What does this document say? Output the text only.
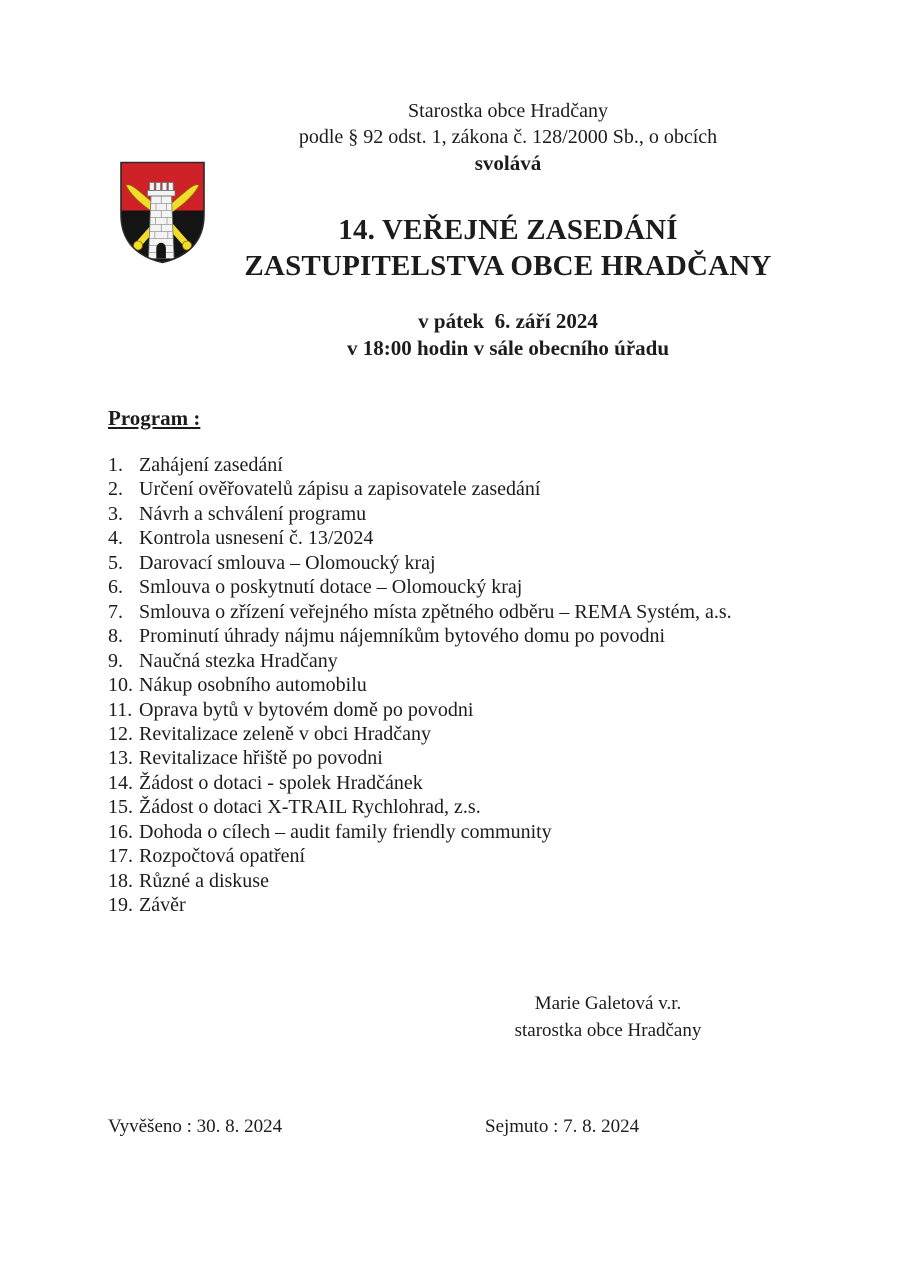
Starostka obce Hradčany
podle § 92 odst. 1, zákona č. 128/2000 Sb., o obcích
svolává
14. VEŘEJNÉ ZASEDÁNÍ
ZASTUPITELSTVA OBCE HRADČANY
v pátek  6. září 2024
v 18:00 hodin v sále obecního úřadu
Program :
1. Zahájení zasedání
2. Určení ověřovatelů zápisu a zapisovatele zasedání
3. Návrh a schválení programu
4. Kontrola usnesení č. 13/2024
5. Darovací smlouva – Olomoucký kraj
6. Smlouva o poskytnutí dotace – Olomoucký kraj
7. Smlouva o zřízení veřejného místa zpětného odběru – REMA Systém, a.s.
8. Prominutí úhrady nájmu nájemníkům bytového domu po povodni
9. Naučná stezka Hradčany
10. Nákup osobního automobilu
11. Oprava bytů v bytovém domě po povodni
12. Revitalizace zeleně v obci Hradčany
13. Revitalizace hřiště po povodni
14. Žádost o dotaci - spolek Hradčánek
15. Žádost o dotaci X-TRAIL Rychlohrad, z.s.
16. Dohoda o cílech – audit family friendly community
17. Rozpočtová opatření
18. Různé a diskuse
19. Závěr
Marie Galetová v.r.
starostka obce Hradčany
Vyvěšeno : 30. 8. 2024	Sejmuto : 7. 8. 2024
